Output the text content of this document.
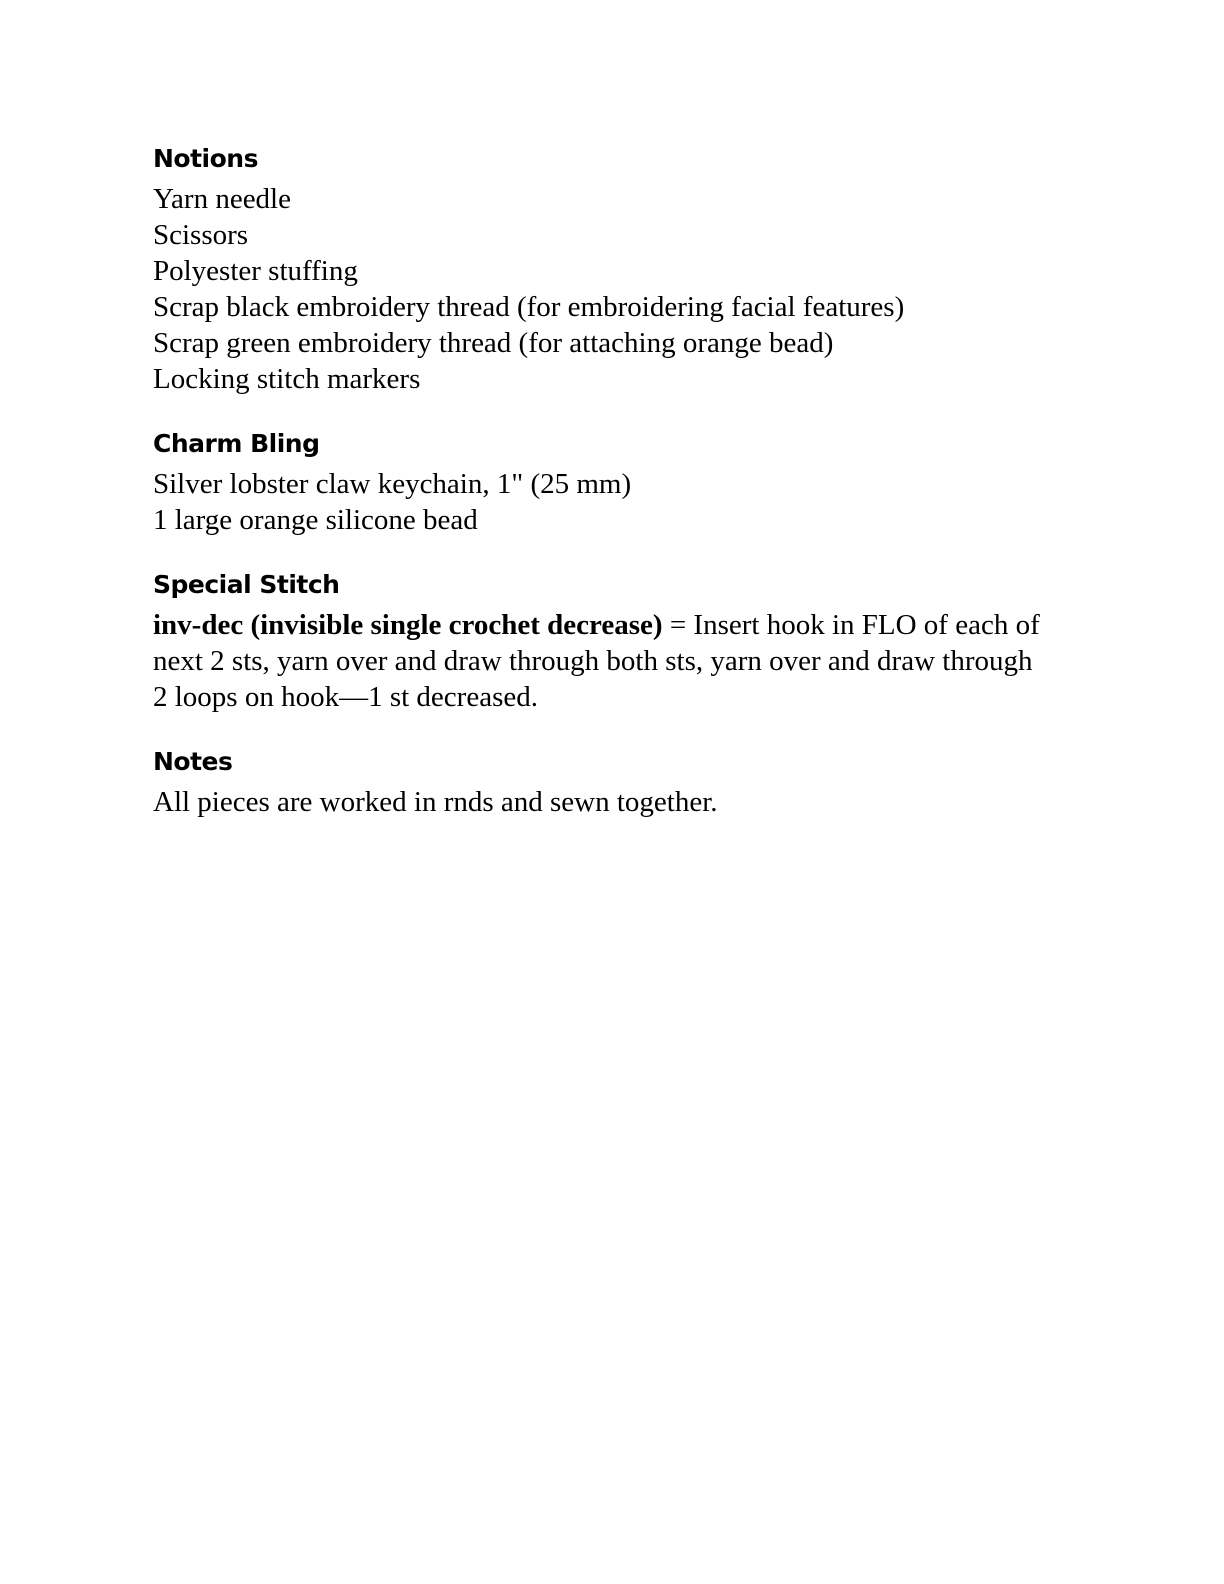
Notions

Yarn needle

Scissors

Polyester stuffing

Scrap black embroidery thread (for embroidering facial features)

Scrap green embroidery thread (for attaching orange bead)

Locking stitch markers

Charm Bling

Silver lobster claw keychain, 1" (25 mm)

1 large orange silicone bead

Special Stitch

inv-dec (invisible single crochet decrease) = Insert hook in FLO of each of next 2 sts, yarn over and draw through both sts, yarn over and draw through 2 loops on hook—1 st decreased.

Notes

All pieces are worked in rnds and sewn together.
